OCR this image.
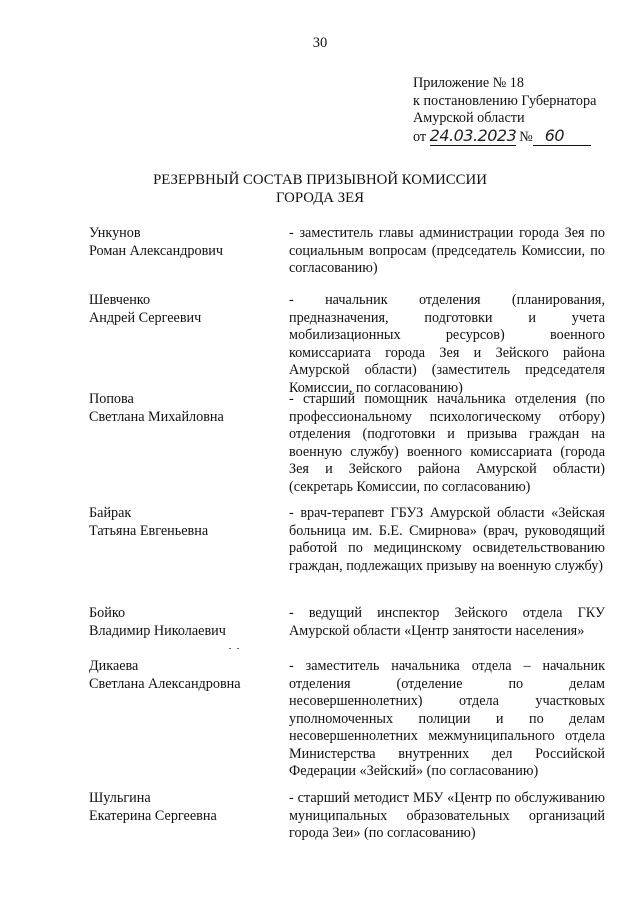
30
Приложение № 18
к постановлению Губернатора
Амурской области
от 24.03.2023 № 60
РЕЗЕРВНЫЙ СОСТАВ ПРИЗЫВНОЙ КОМИССИИ
ГОРОДА ЗЕЯ
Ункунов
Роман Александрович
- заместитель главы администрации города Зея по социальным вопросам (председатель Комиссии, по согласованию)
Шевченко
Андрей Сергеевич
- начальник отделения (планирования, предназначения, подготовки и учета мобилизационных ресурсов) военного комиссариата города Зея и Зейского района Амурской области) (заместитель председателя Комиссии, по согласованию)
Попова
Светлана Михайловна
- старший помощник начальника отделения (по профессиональному психологическому отбору) отделения (подготовки и призыва граждан на военную службу) военного комиссариата (города Зея и Зейского района Амурской области) (секретарь Комиссии, по согласованию)
Байрак
Татьяна Евгеньевна
- врач-терапевт ГБУЗ Амурской области «Зейская больница им. Б.Е. Смирнова» (врач, руководящий работой по медицинскому освидетельствованию граждан, подлежащих призыву на военную службу)
Бойко
Владимир Николаевич
- ведущий инспектор Зейского отдела ГКУ Амурской области «Центр занятости населения»
Дикаева
Светлана Александровна
- заместитель начальника отдела – начальник отделения (отделение по делам несовершеннолетних) отдела участковых уполномоченных полиции и по делам несовершеннолетних межмуниципального отдела Министерства внутренних дел Российской Федерации «Зейский» (по согласованию)
Шульгина
Екатерина Сергеевна
- старший методист МБУ «Центр по обслуживанию муниципальных образовательных организаций города Зеи» (по согласованию)
